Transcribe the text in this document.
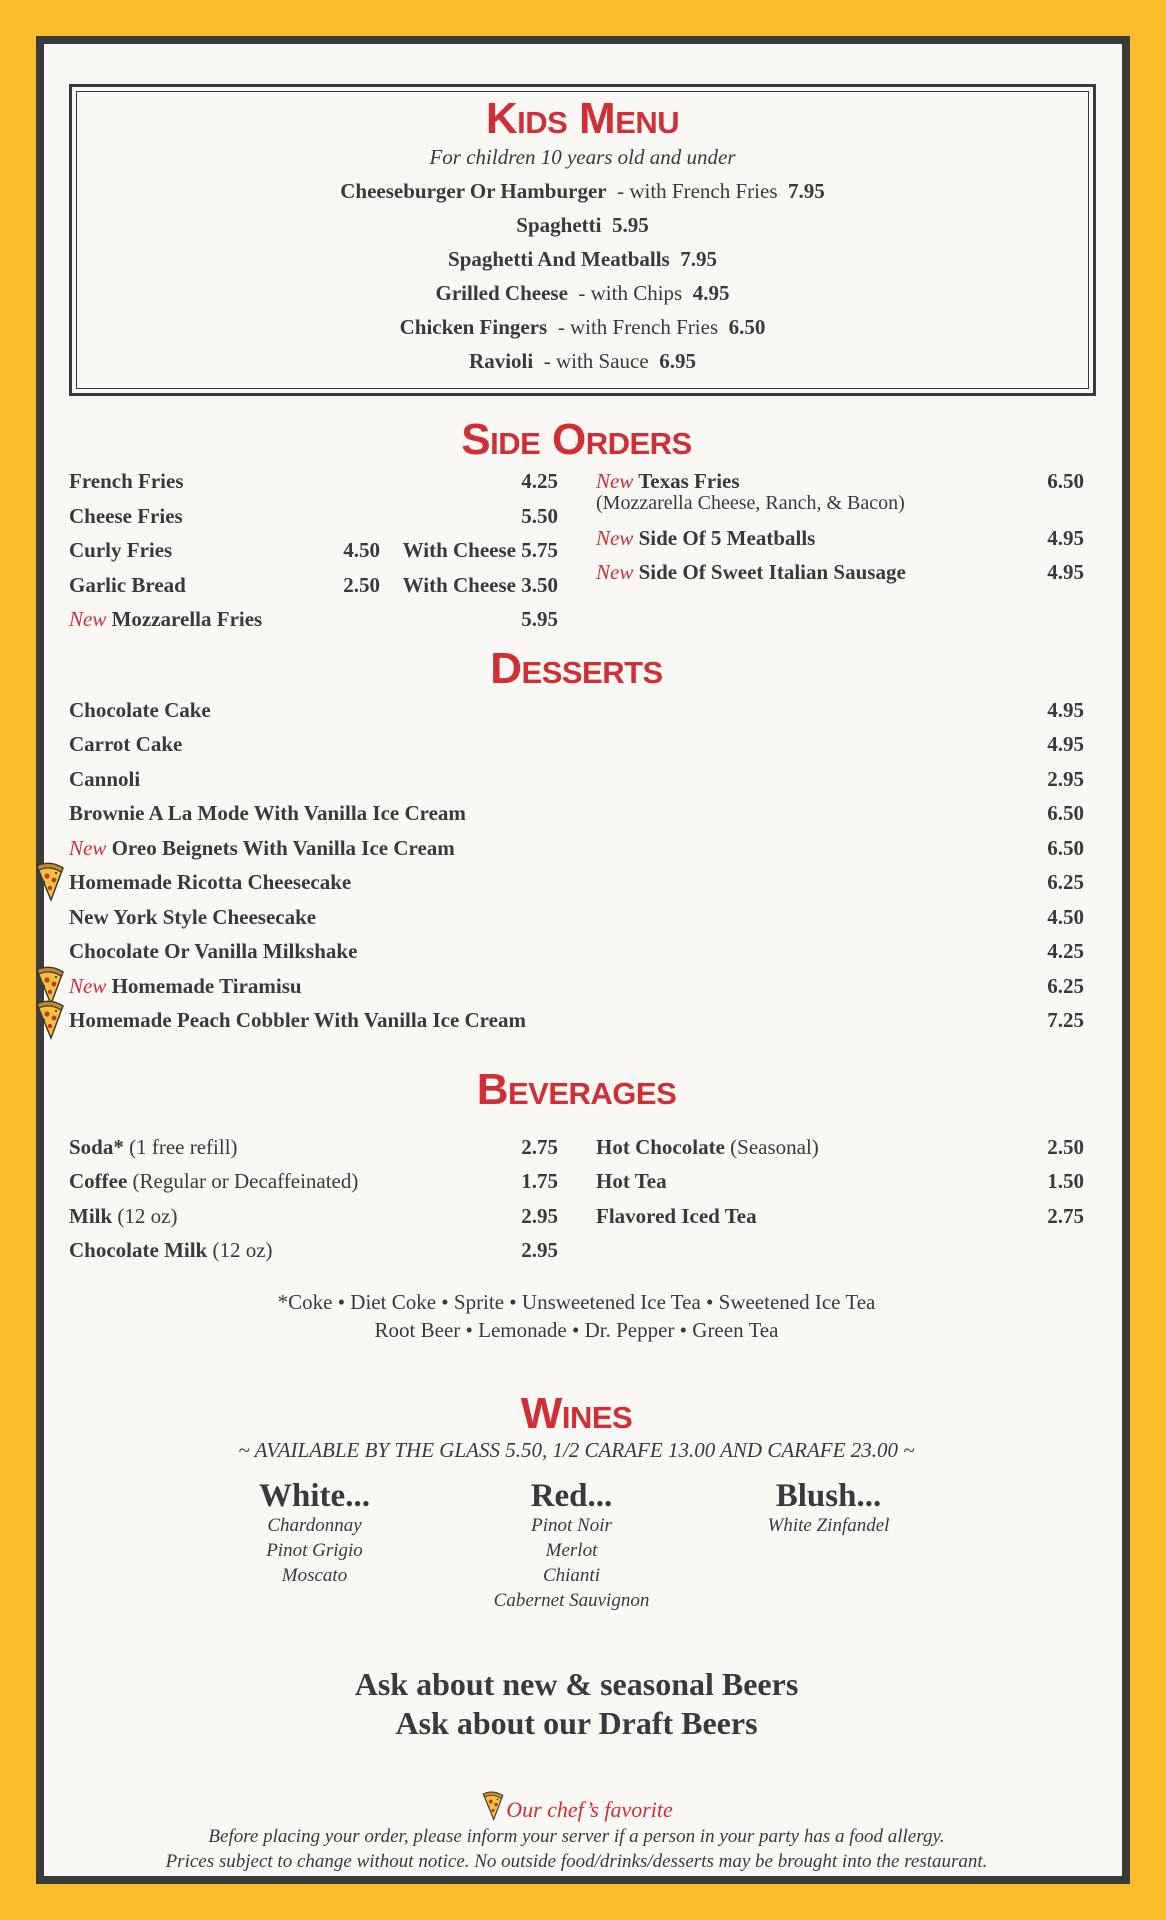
Kids Menu
For children 10 years old and under
Cheeseburger Or Hamburger - with French Fries 7.95
Spaghetti 5.95
Spaghetti And Meatballs 7.95
Grilled Cheese - with Chips 4.95
Chicken Fingers - with French Fries 6.50
Ravioli - with Sauce 6.95
Side Orders
French Fries	4.25
Cheese Fries	5.50
Curly Fries	4.50	With Cheese 5.75
Garlic Bread	2.50	With Cheese 3.50
New Mozzarella Fries	5.95
New Texas Fries	6.50
(Mozzarella Cheese, Ranch, & Bacon)
New Side Of 5 Meatballs	4.95
New Side Of Sweet Italian Sausage	4.95
Desserts
Chocolate Cake	4.95
Carrot Cake	4.95
Cannoli	2.95
Brownie A La Mode With Vanilla Ice Cream	6.50
New Oreo Beignets With Vanilla Ice Cream	6.50
Homemade Ricotta Cheesecake	6.25
New York Style Cheesecake	4.50
Chocolate Or Vanilla Milkshake	4.25
New Homemade Tiramisu	6.25
Homemade Peach Cobbler With Vanilla Ice Cream	7.25
Beverages
Soda* (1 free refill)	2.75
Coffee (Regular or Decaffeinated)	1.75
Milk (12 oz)	2.95
Chocolate Milk (12 oz)	2.95
Hot Chocolate (Seasonal)	2.50
Hot Tea	1.50
Flavored Iced Tea	2.75
*Coke • Diet Coke • Sprite • Unsweetened Ice Tea • Sweetened Ice Tea
Root Beer • Lemonade • Dr. Pepper • Green Tea
Wines
~ AVAILABLE BY THE GLASS 5.50, 1/2 CARAFE 13.00 AND CARAFE 23.00 ~
White...
Chardonnay
Pinot Grigio
Moscato
Red...
Pinot Noir
Merlot
Chianti
Cabernet Sauvignon
Blush...
White Zinfandel
Ask about new & seasonal Beers
Ask about our Draft Beers
Our chef’s favorite
Before placing your order, please inform your server if a person in your party has a food allergy.
Prices subject to change without notice. No outside food/drinks/desserts may be brought into the restaurant.
